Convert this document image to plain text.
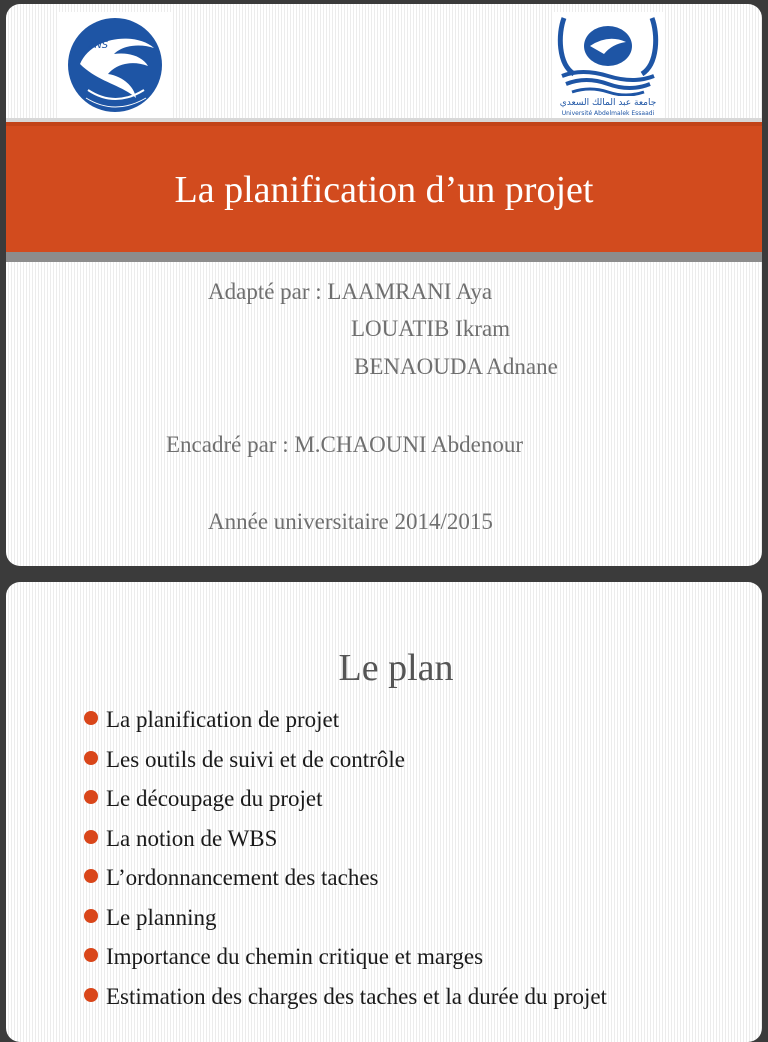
ENS
جامعة عبد المالك السعدي
Université Abdelmalek Essaadi
La planification d’un projet
Adapté par : LAAMRANI Aya
LOUATIB Ikram
BENAOUDA Adnane
Encadré par : M.CHAOUNI Abdenour
Année universitaire 2014/2015
Le plan
La planification de projet
Les outils de suivi et de contrôle
Le découpage du projet
La notion de WBS
L’ordonnancement des taches
Le planning
Importance du chemin critique et marges
Estimation des charges des taches et la durée du projet
